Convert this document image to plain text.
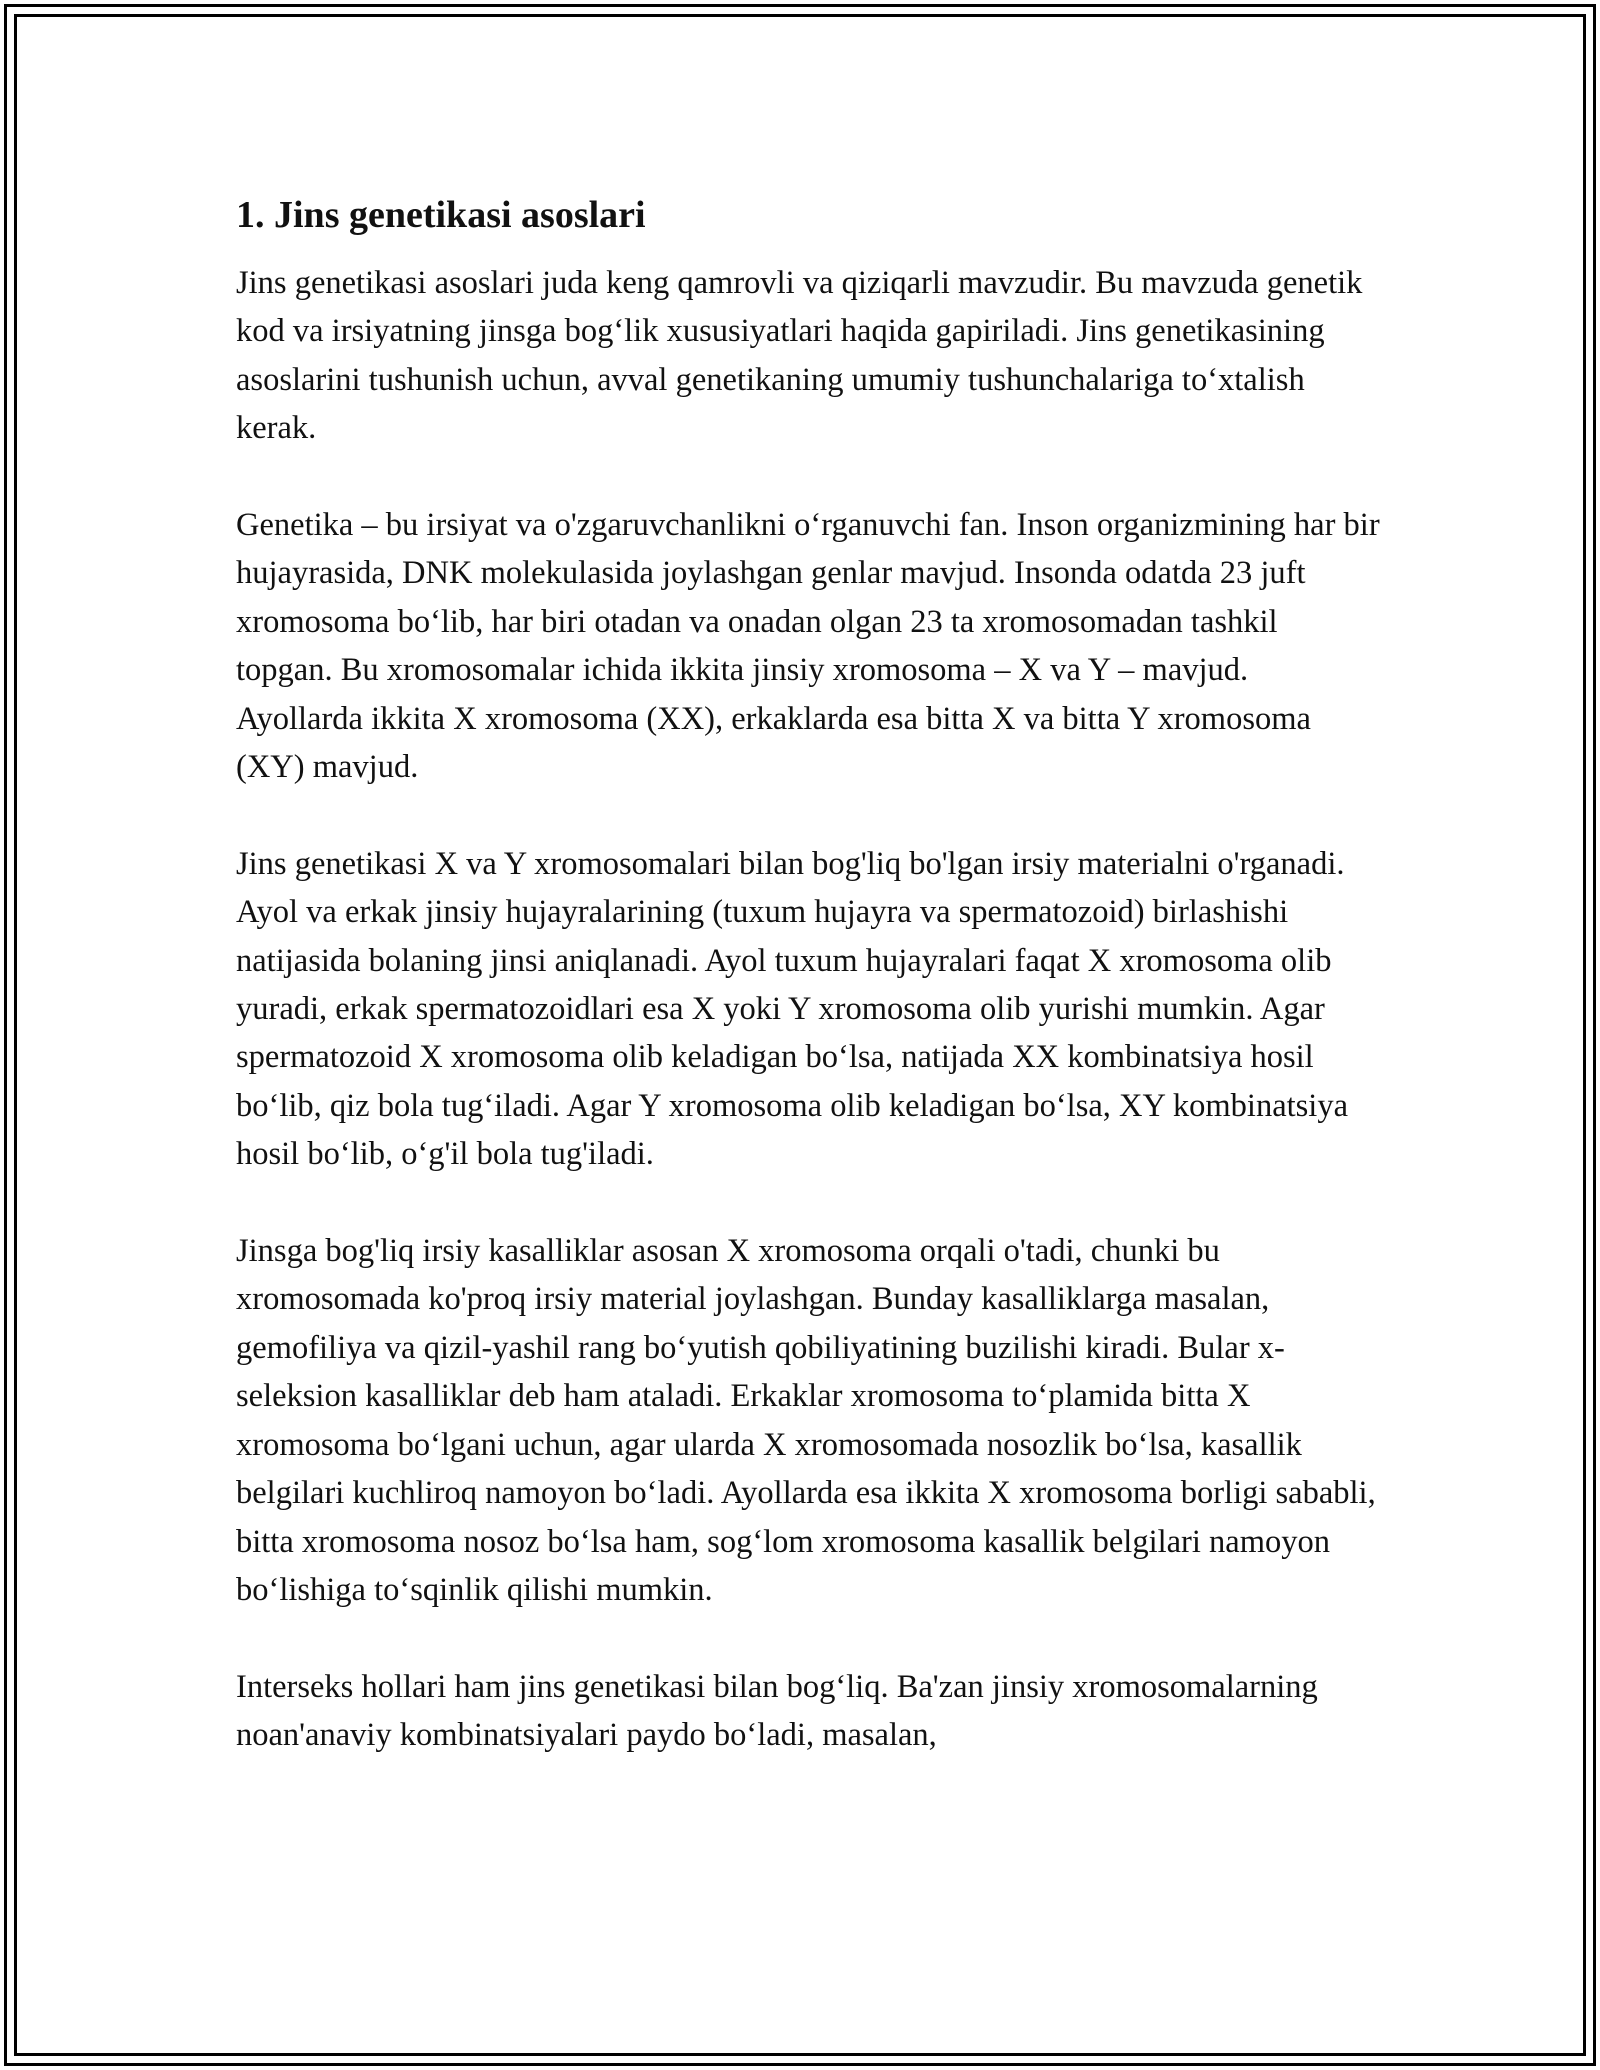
1. Jins genetikasi asoslari

Jins genetikasi asoslari juda keng qamrovli va qiziqarli mavzudir. Bu mavzuda genetik kod va irsiyatning jinsga bog‘lik xususiyatlari haqida gapiriladi. Jins genetikasining asoslarini tushunish uchun, avval genetikaning umumiy tushunchalariga to‘xtalish kerak.

Genetika – bu irsiyat va o'zgaruvchanlikni o‘rganuvchi fan. Inson organizmining har bir hujayrasida, DNK molekulasida joylashgan genlar mavjud. Insonda odatda 23 juft xromosoma bo‘lib, har biri otadan va onadan olgan 23 ta xromosomadan tashkil topgan. Bu xromosomalar ichida ikkita jinsiy xromosoma – X va Y – mavjud. Ayollarda ikkita X xromosoma (XX), erkaklarda esa bitta X va bitta Y xromosoma (XY) mavjud.

Jins genetikasi X va Y xromosomalari bilan bog'liq bo'lgan irsiy materialni o'rganadi. Ayol va erkak jinsiy hujayralarining (tuxum hujayra va spermatozoid) birlashishi natijasida bolaning jinsi aniqlanadi. Ayol tuxum hujayralari faqat X xromosoma olib yuradi, erkak spermatozoidlari esa X yoki Y xromosoma olib yurishi mumkin. Agar spermatozoid X xromosoma olib keladigan bo‘lsa, natijada XX kombinatsiya hosil bo‘lib, qiz bola tug‘iladi. Agar Y xromosoma olib keladigan bo‘lsa, XY kombinatsiya hosil bo‘lib, o‘g'il bola tug'iladi.

Jinsga bog'liq irsiy kasalliklar asosan X xromosoma orqali o'tadi, chunki bu xromosomada ko'proq irsiy material joylashgan. Bunday kasalliklarga masalan, gemofiliya va qizil-yashil rang bo‘yutish qobiliyatining buzilishi kiradi. Bular x-seleksion kasalliklar deb ham ataladi. Erkaklar xromosoma to‘plamida bitta X xromosoma bo‘lgani uchun, agar ularda X xromosomada nosozlik bo‘lsa, kasallik belgilari kuchliroq namoyon bo‘ladi. Ayollarda esa ikkita X xromosoma borligi sababli, bitta xromosoma nosoz bo‘lsa ham, sog‘lom xromosoma kasallik belgilari namoyon bo‘lishiga to‘sqinlik qilishi mumkin.

Interseks hollari ham jins genetikasi bilan bog‘liq. Ba'zan jinsiy xromosomalarning noan'anaviy kombinatsiyalari paydo bo‘ladi, masalan,
